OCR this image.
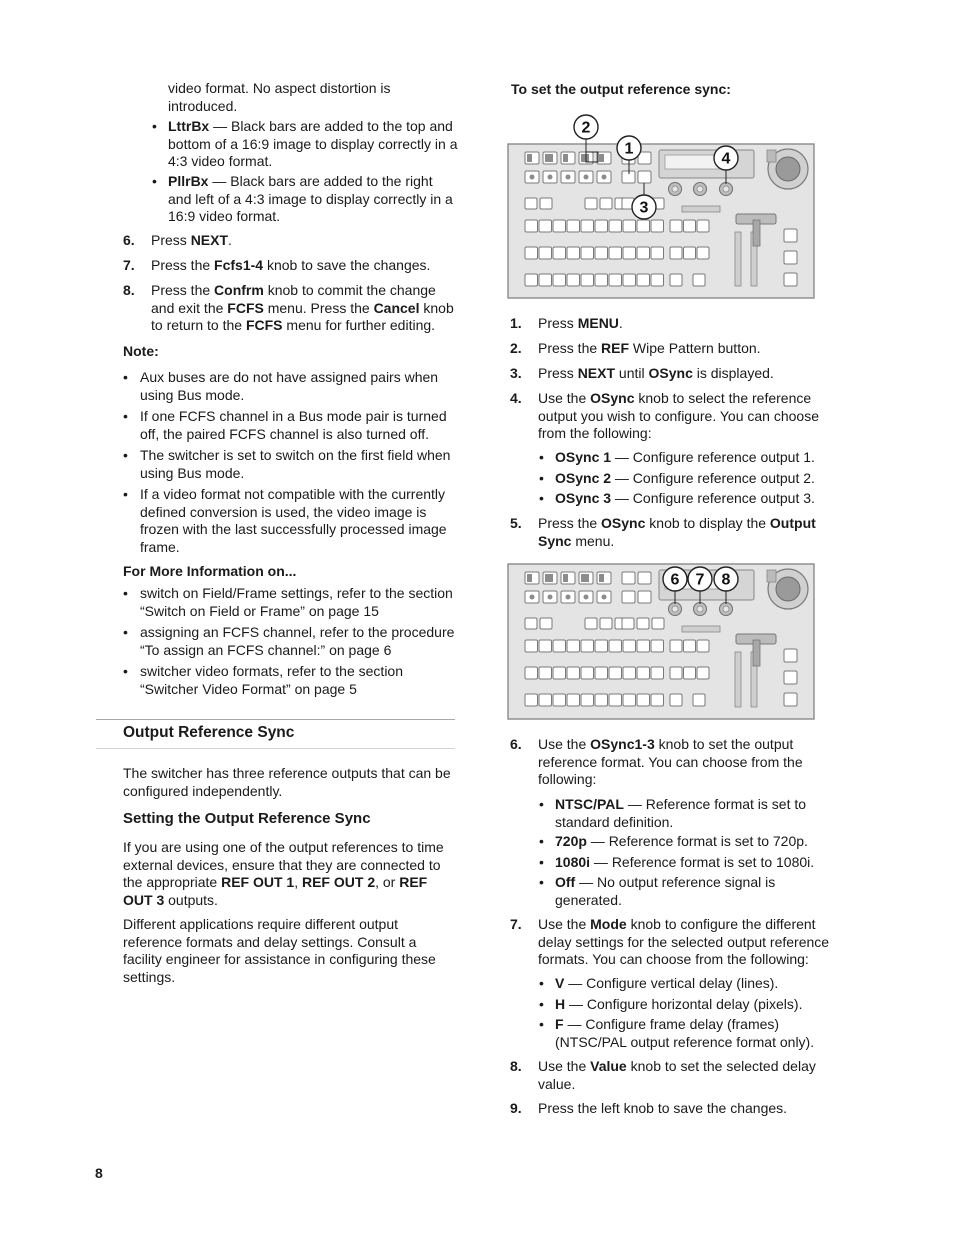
video format. No aspect distortion is introduced.

• LttrBx — Black bars are added to the top and bottom of a 16:9 image to display correctly in a 4:3 video format.

• PllrBx — Black bars are added to the right and left of a 4:3 image to display correctly in a 16:9 video format.

6. Press NEXT.

7. Press the Fcfs1-4 knob to save the changes.

8. Press the Confrm knob to commit the change and exit the FCFS menu. Press the Cancel knob to return to the FCFS menu for further editing.

Note:
• Aux buses are do not have assigned pairs when using Bus mode.

• If one FCFS channel in a Bus mode pair is turned off, the paired FCFS channel is also turned off.

• The switcher is set to switch on the first field when using Bus mode.

• If a video format not compatible with the currently defined conversion is used, the video image is frozen with the last successfully processed image frame.

For More Information on...
• switch on Field/Frame settings, refer to the section “Switch on Field or Frame” on page 15

• assigning an FCFS channel, refer to the procedure “To assign an FCFS channel:” on page 6

• switcher video formats, refer to the section “Switcher Video Format” on page 5

Output Reference Sync

The switcher has three reference outputs that can be configured independently.

Setting the Output Reference Sync

If you are using one of the output references to time external devices, ensure that they are connected to the appropriate REF OUT 1, REF OUT 2, or REF OUT 3 outputs.

Different applications require different output reference formats and delay settings. Consult a facility engineer for assistance in configuring these settings.

To set the output reference sync:
2
1
4
3
1. Press MENU.

2. Press the REF Wipe Pattern button.

3. Press NEXT until OSync is displayed.

4. Use the OSync knob to select the reference output you wish to configure. You can choose from the following:

• OSync 1 — Configure reference output 1.

• OSync 2 — Configure reference output 2.

• OSync 3 — Configure reference output 3.

5. Press the OSync knob to display the Output Sync menu.

6 7 8
6. Use the OSync1-3 knob to set the output reference format. You can choose from the following:

• NTSC/PAL — Reference format is set to standard definition.

• 720p — Reference format is set to 720p.

• 1080i — Reference format is set to 1080i.

• Off — No output reference signal is generated.

7. Use the Mode knob to configure the different delay settings for the selected output reference formats. You can choose from the following:

• V — Configure vertical delay (lines).

• H — Configure horizontal delay (pixels).

• F — Configure frame delay (frames) (NTSC/PAL output reference format only).

8. Use the Value knob to set the selected delay value.

9. Press the left knob to save the changes.

8
